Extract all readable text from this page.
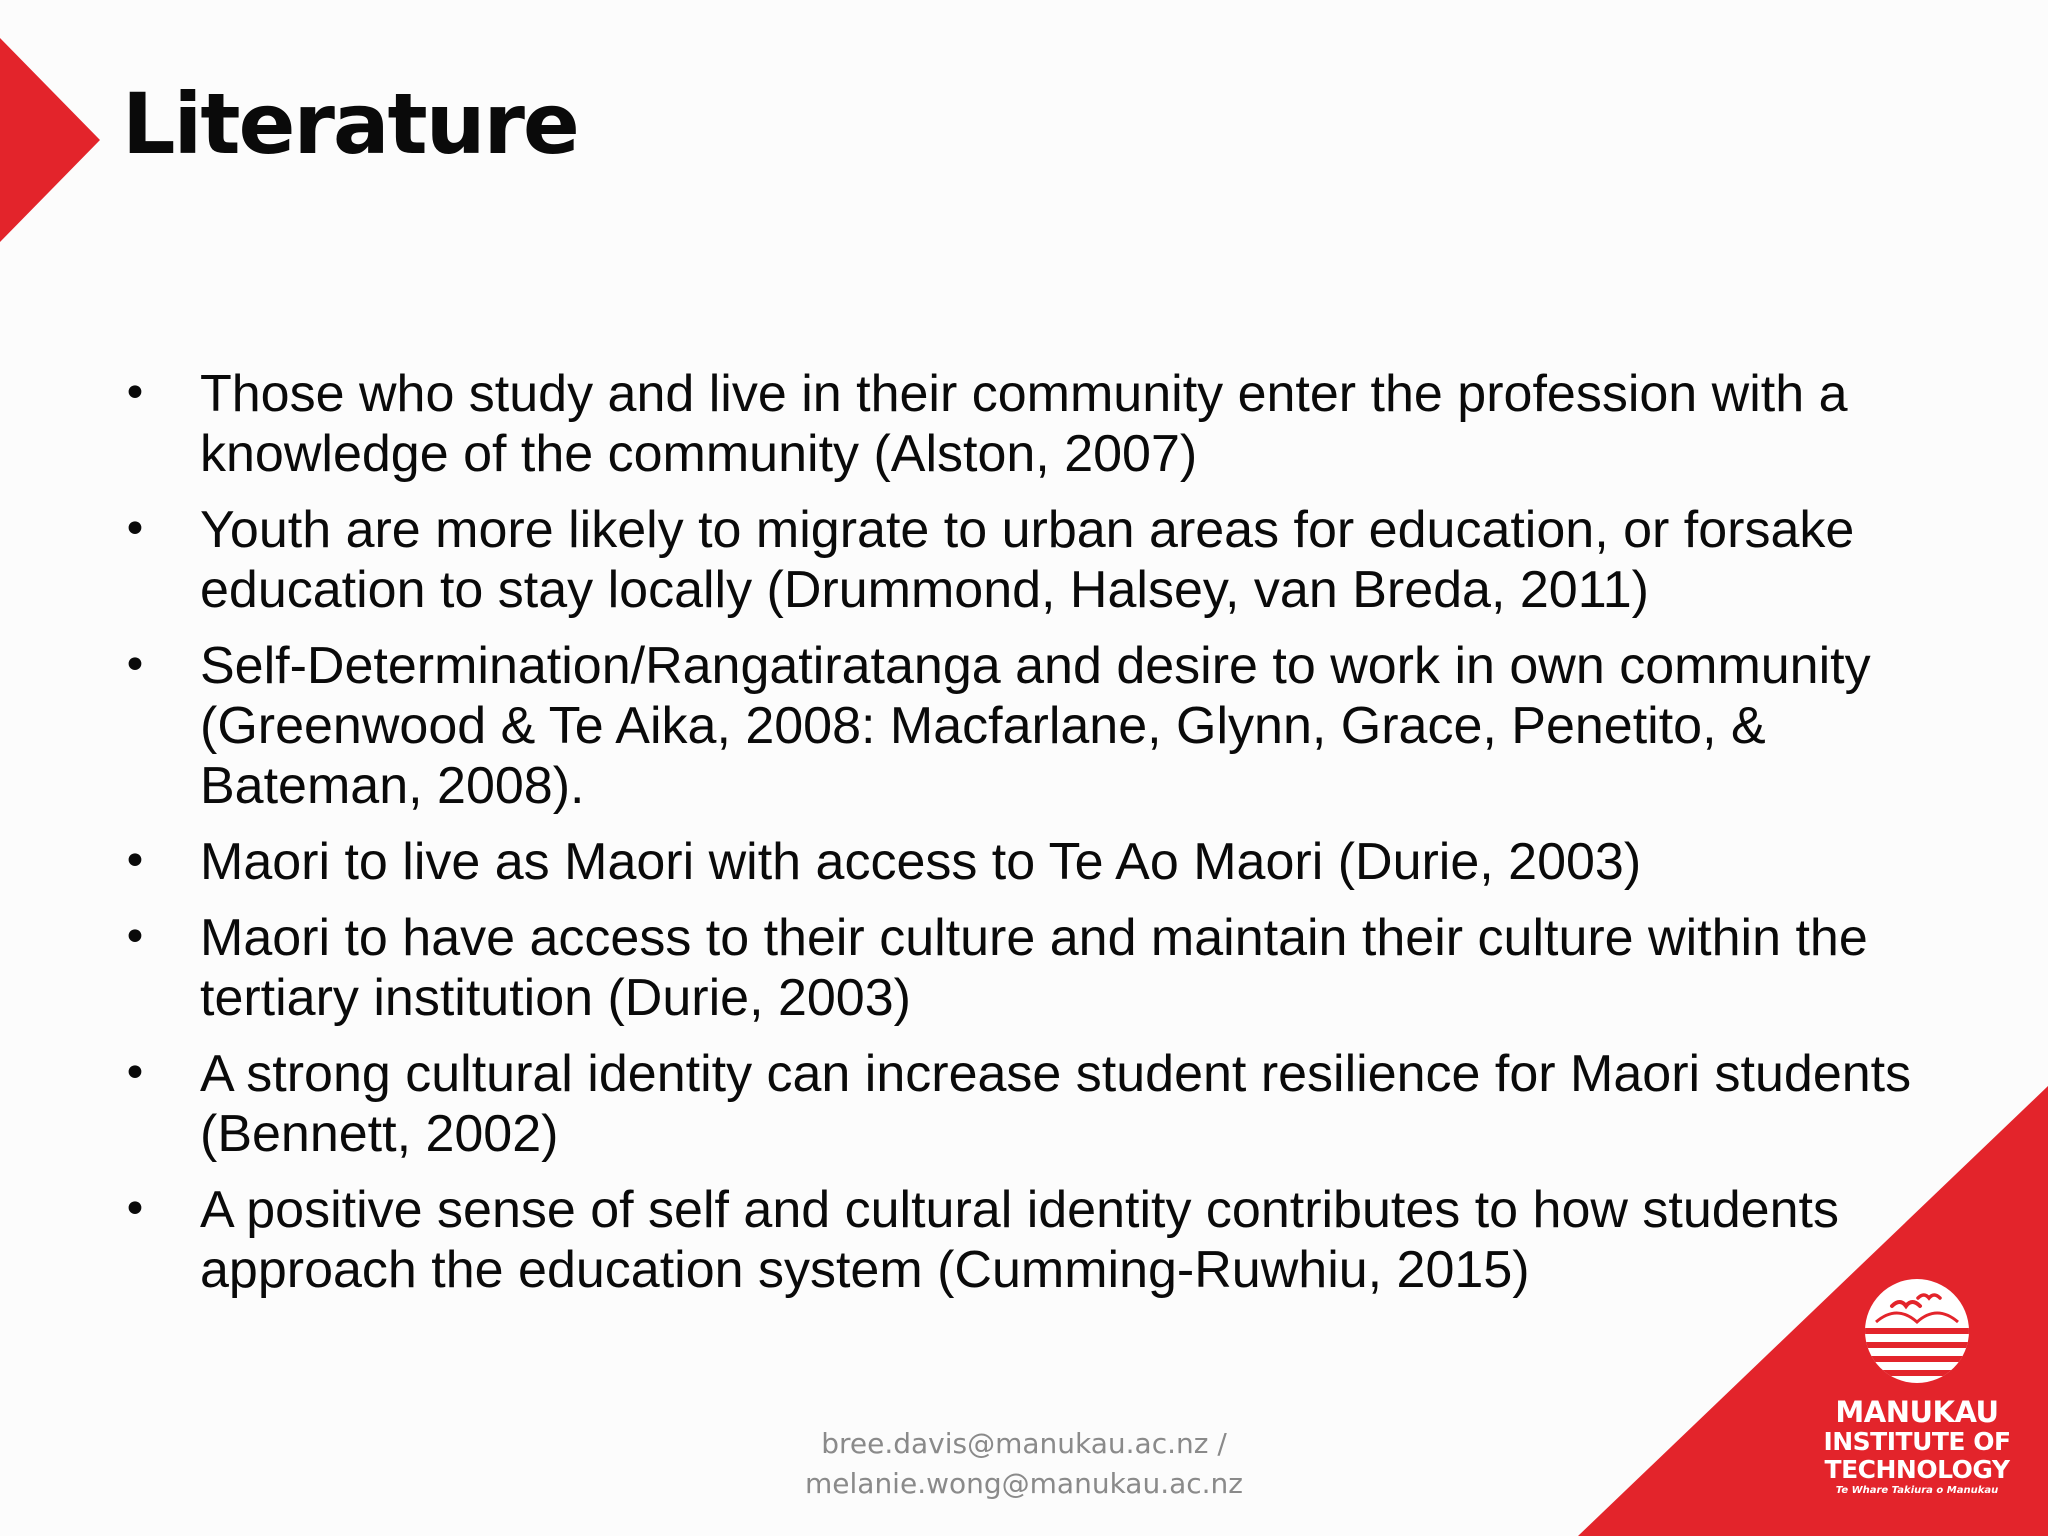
Literature
• Those who study and live in their community enter the profession with a knowledge of the community (Alston, 2007)
• Youth are more likely to migrate to urban areas for education, or forsake education to stay locally (Drummond, Halsey, van Breda, 2011)
• Self-Determination/Rangatiratanga and desire to work in own community (Greenwood & Te Aika, 2008: Macfarlane, Glynn, Grace, Penetito, & Bateman, 2008).
• Maori to live as Maori with access to Te Ao Maori (Durie, 2003)
• Maori to have access to their culture and maintain their culture within the tertiary institution (Durie, 2003)
• A strong cultural identity can increase student resilience for Maori students (Bennett, 2002)
• A positive sense of self and cultural identity contributes to how students approach the education system (Cumming-Ruwhiu, 2015)
MANUKAU
INSTITUTE OF
TECHNOLOGY
Te Whare Takiura o Manukau
bree.davis@manukau.ac.nz /
melanie.wong@manukau.ac.nz
